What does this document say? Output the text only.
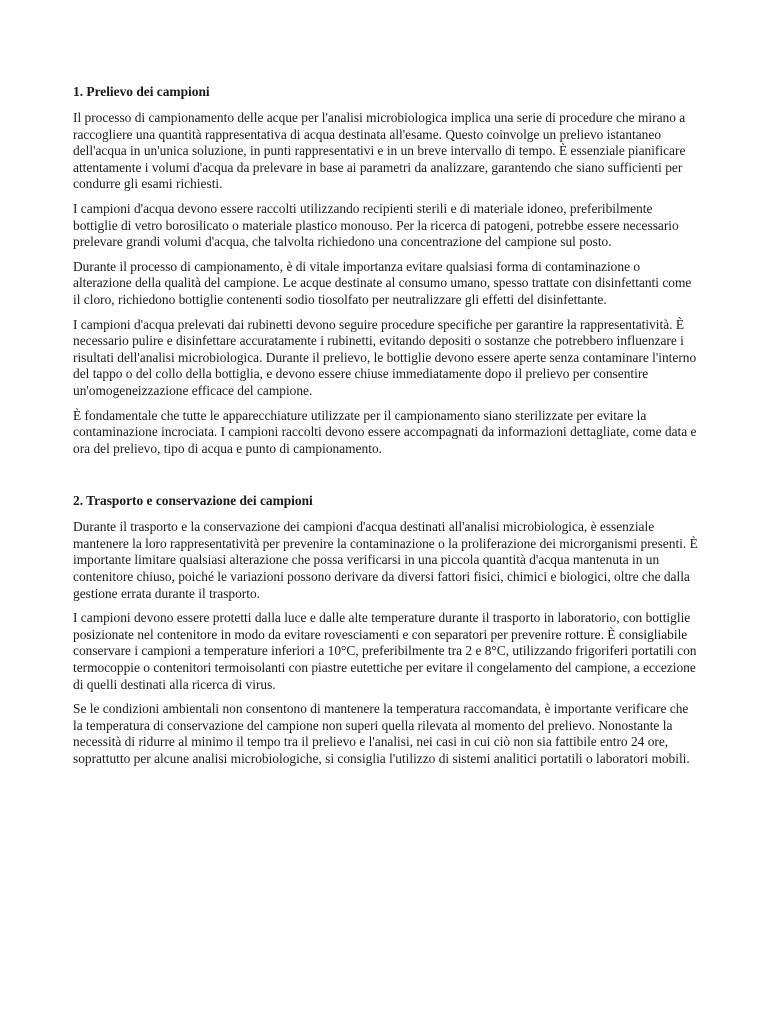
1. Prelievo dei campioni

Il processo di campionamento delle acque per l'analisi microbiologica implica una serie di procedure che mirano a raccogliere una quantità rappresentativa di acqua destinata all'esame. Questo coinvolge un prelievo istantaneo dell'acqua in un'unica soluzione, in punti rappresentativi e in un breve intervallo di tempo. È essenziale pianificare attentamente i volumi d'acqua da prelevare in base ai parametri da analizzare, garantendo che siano sufficienti per condurre gli esami richiesti.

I campioni d'acqua devono essere raccolti utilizzando recipienti sterili e di materiale idoneo, preferibilmente bottiglie di vetro borosilicato o materiale plastico monouso. Per la ricerca di patogeni, potrebbe essere necessario prelevare grandi volumi d'acqua, che talvolta richiedono una concentrazione del campione sul posto.

Durante il processo di campionamento, è di vitale importanza evitare qualsiasi forma di contaminazione o alterazione della qualità del campione. Le acque destinate al consumo umano, spesso trattate con disinfettanti come il cloro, richiedono bottiglie contenenti sodio tiosolfato per neutralizzare gli effetti del disinfettante.

I campioni d'acqua prelevati dai rubinetti devono seguire procedure specifiche per garantire la rappresentatività. È necessario pulire e disinfettare accuratamente i rubinetti, evitando depositi o sostanze che potrebbero influenzare i risultati dell'analisi microbiologica. Durante il prelievo, le bottiglie devono essere aperte senza contaminare l'interno del tappo o del collo della bottiglia, e devono essere chiuse immediatamente dopo il prelievo per consentire un'omogeneizzazione efficace del campione.

È fondamentale che tutte le apparecchiature utilizzate per il campionamento siano sterilizzate per evitare la contaminazione incrociata. I campioni raccolti devono essere accompagnati da informazioni dettagliate, come data e ora del prelievo, tipo di acqua e punto di campionamento.

2. Trasporto e conservazione dei campioni

Durante il trasporto e la conservazione dei campioni d'acqua destinati all'analisi microbiologica, è essenziale mantenere la loro rappresentatività per prevenire la contaminazione o la proliferazione dei microrganismi presenti. È importante limitare qualsiasi alterazione che possa verificarsi in una piccola quantità d'acqua mantenuta in un contenitore chiuso, poiché le variazioni possono derivare da diversi fattori fisici, chimici e biologici, oltre che dalla gestione errata durante il trasporto.

I campioni devono essere protetti dalla luce e dalle alte temperature durante il trasporto in laboratorio, con bottiglie posizionate nel contenitore in modo da evitare rovesciamenti e con separatori per prevenire rotture. È consigliabile conservare i campioni a temperature inferiori a 10°C, preferibilmente tra 2 e 8°C, utilizzando frigoriferi portatili con termocoppie o contenitori termoisolanti con piastre eutettiche per evitare il congelamento del campione, a eccezione di quelli destinati alla ricerca di virus.

Se le condizioni ambientali non consentono di mantenere la temperatura raccomandata, è importante verificare che la temperatura di conservazione del campione non superi quella rilevata al momento del prelievo. Nonostante la necessità di ridurre al minimo il tempo tra il prelievo e l'analisi, nei casi in cui ciò non sia fattibile entro 24 ore, soprattutto per alcune analisi microbiologiche, si consiglia l'utilizzo di sistemi analitici portatili o laboratori mobili.
